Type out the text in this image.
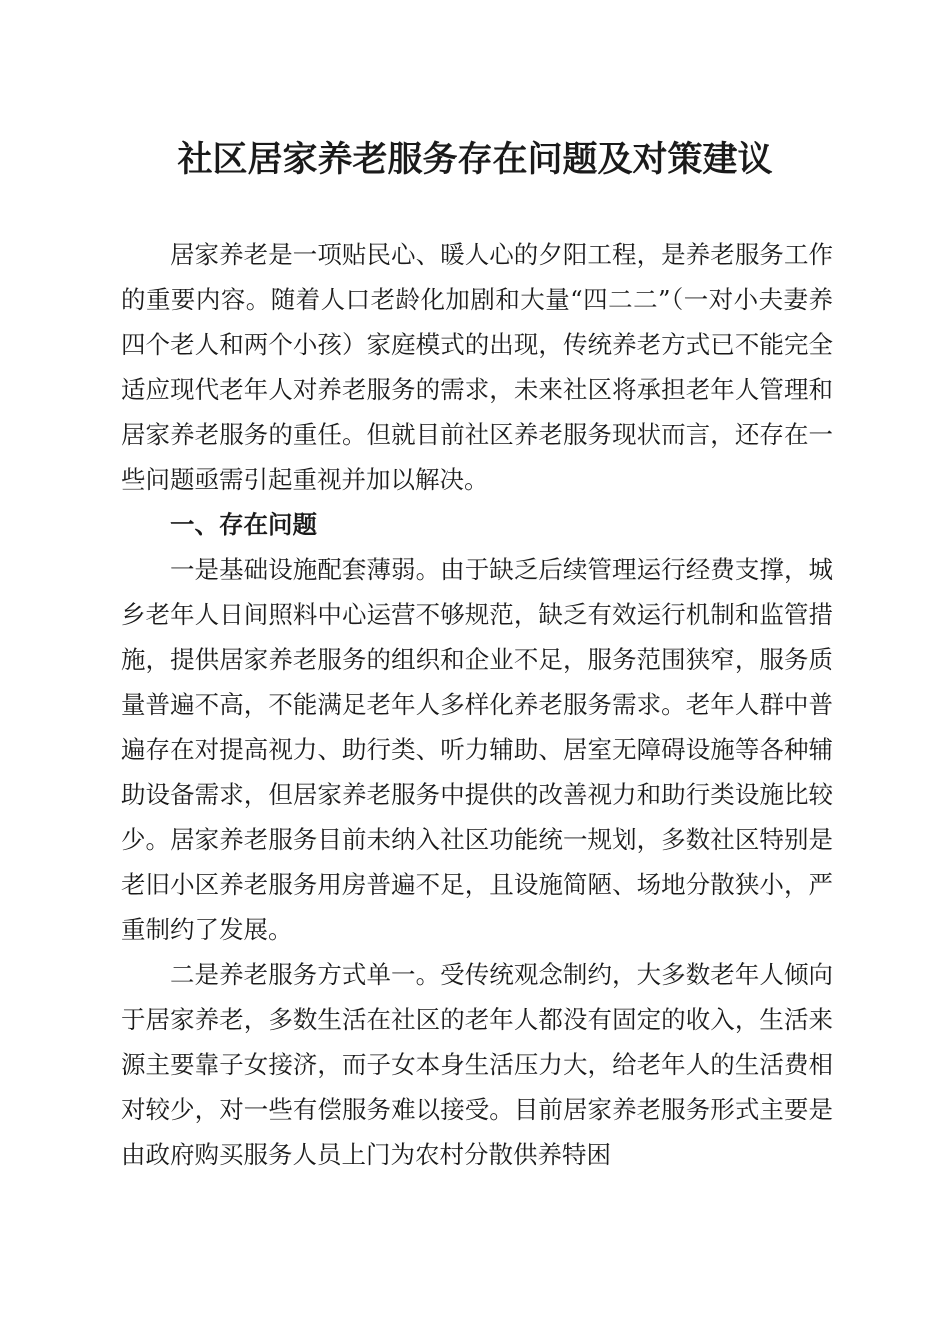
社区居家养老服务存在问题及对策建议

居家养老是一项贴民心、暖人心的夕阳工程，是养老服务工作的重要内容。随着人口老龄化加剧和大量“四二二”（一对小夫妻养四个老人和两个小孩）家庭模式的出现，传统养老方式已不能完全适应现代老年人对养老服务的需求，未来社区将承担老年人管理和居家养老服务的重任。但就目前社区养老服务现状而言，还存在一些问题亟需引起重视并加以解决。

一、存在问题

一是基础设施配套薄弱。由于缺乏后续管理运行经费支撑，城乡老年人日间照料中心运营不够规范，缺乏有效运行机制和监管措施，提供居家养老服务的组织和企业不足，服务范围狭窄，服务质量普遍不高，不能满足老年人多样化养老服务需求。老年人群中普遍存在对提高视力、助行类、听力辅助、居室无障碍设施等各种辅助设备需求，但居家养老服务中提供的改善视力和助行类设施比较少。居家养老服务目前未纳入社区功能统一规划，多数社区特别是老旧小区养老服务用房普遍不足，且设施简陋、场地分散狭小，严重制约了发展。

二是养老服务方式单一。受传统观念制约，大多数老年人倾向于居家养老，多数生活在社区的老年人都没有固定的收入，生活来源主要靠子女接济，而子女本身生活压力大，给老年人的生活费相对较少，对一些有偿服务难以接受。目前居家养老服务形式主要是由政府购买服务人员上门为农村分散供养特困
